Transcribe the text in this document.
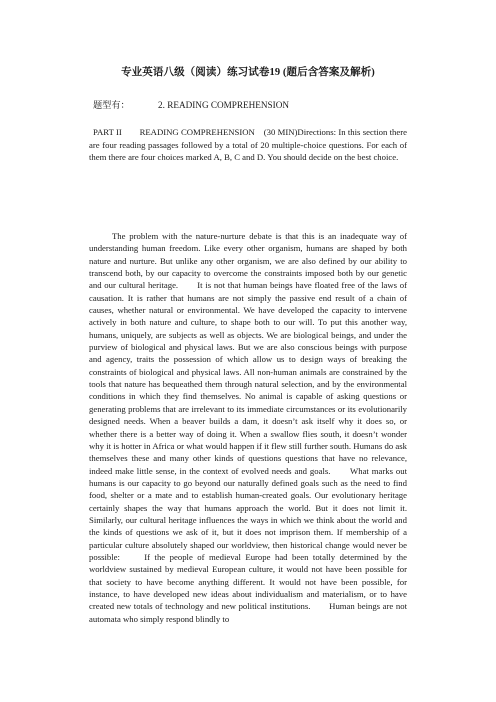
专业英语八级（阅读）练习试卷19 (题后含答案及解析)
题型有：	2. READING COMPREHENSION

PART II　　READING COMPREHENSION　(30 MIN)Directions: In this section there are four reading passages followed by a total of 20 multiple-choice questions. For each of them there are four choices marked A, B, C and D. You should decide on the best choice.

The problem with the nature-nurture debate is that this is an inadequate way of understanding human freedom. Like every other organism, humans are shaped by both nature and nurture. But unlike any other organism, we are also defined by our ability to transcend both, by our capacity to overcome the constraints imposed both by our genetic and our cultural heritage.　　It is not that human beings have floated free of the laws of causation. It is rather that humans are not simply the passive end result of a chain of causes, whether natural or environmental. We have developed the capacity to intervene actively in both nature and culture, to shape both to our will. To put this another way, humans, uniquely, are subjects as well as objects. We are biological beings, and under the purview of biological and physical laws. But we are also conscious beings with purpose and agency, traits the possession of which allow us to design ways of breaking the constraints of biological and physical laws. All non-human animals are constrained by the tools that nature has bequeathed them through natural selection, and by the environmental conditions in which they find themselves. No animal is capable of asking questions or generating problems that are irrelevant to its immediate circumstances or its evolutionarily designed needs. When a beaver builds a dam, it doesn’t ask itself why it does so, or whether there is a better way of doing it. When a swallow flies south, it doesn’t wonder why it is hotter in Africa or what would happen if it flew still further south. Humans do ask themselves these and many other kinds of questions questions that have no relevance, indeed make little sense, in the context of evolved needs and goals.　　What marks out humans is our capacity to go beyond our naturally defined goals such as the need to find food, shelter or a mate and to establish human-created goals. Our evolutionary heritage certainly shapes the way that humans approach the world. But it does not limit it.　　Similarly, our cultural heritage influences the ways in which we think about the world and the kinds of questions we ask of it, but it does not imprison them. If membership of a particular culture absolutely shaped our worldview, then historical change would never be possible:　　If the people of medieval Europe had been totally determined by the worldview sustained by medieval European culture, it would not have been possible for that society to have become anything different. It would not have been possible, for instance, to have developed new ideas about individualism and materialism, or to have created new totals of technology and new political institutions.　　Human beings are not automata who simply respond blindly to
